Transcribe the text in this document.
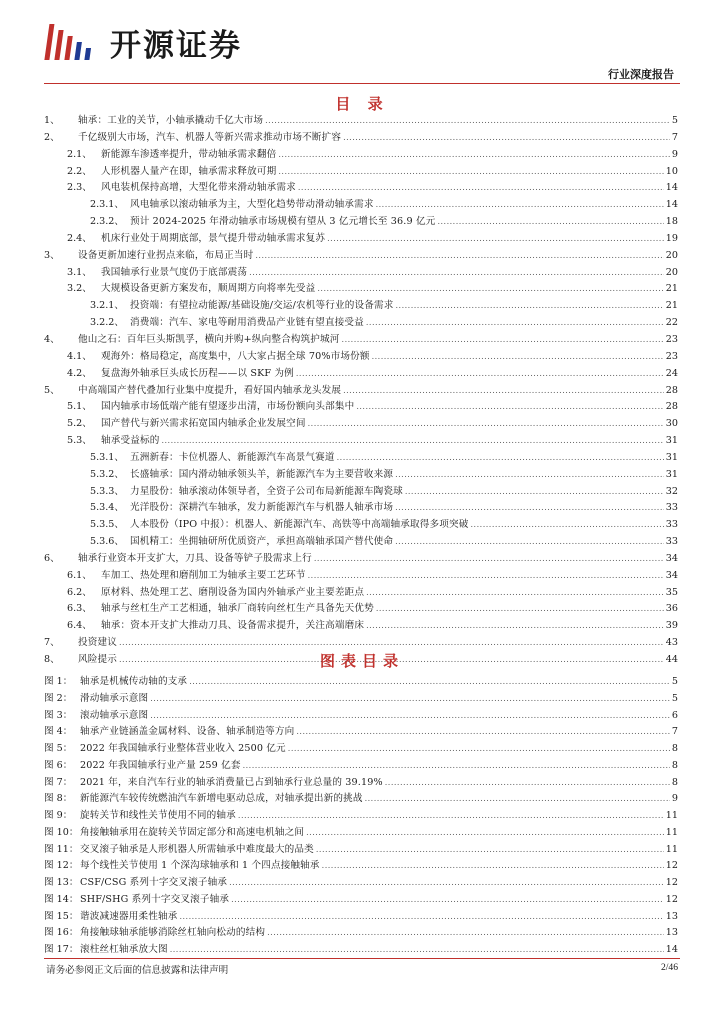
开源证券
行业深度报告
目 录
1、	轴承：工业的关节，小轴承撬动千亿大市场 .....	5
2、	千亿级别大市场，汽车、机器人等新兴需求推动市场不断扩容 .....	7
2.1、 新能源车渗透率提升，带动轴承需求翻倍 .....	9
2.2、 人形机器人量产在即，轴承需求释放可期 .....	10
2.3、 风电装机保持高增，大型化带来滑动轴承需求 .....	14
2.3.1、 风电轴承以滚动轴承为主，大型化趋势带动滑动轴承需求 .....	14
2.3.2、 预计 2024-2025 年滑动轴承市场规模有望从 3 亿元增长至 36.9 亿元 .....	18
2.4、 机床行业处于周期底部，景气提升带动轴承需求复苏 .....	19
3、	设备更新加速行业拐点来临，布局正当时 .....	20
3.1、 我国轴承行业景气度仍于底部震荡 .....	20
3.2、 大规模设备更新方案发布，顺周期方向将率先受益 .....	21
3.2.1、 投资端：有望拉动能源/基础设施/交运/农机等行业的设备需求 .....	21
3.2.2、 消费端：汽车、家电等耐用消费品产业链有望直接受益 .....	22
4、	他山之石：百年巨头斯凯孚，横向并购+纵向整合构筑护城河 .....	23
4.1、 观海外：格局稳定，高度集中，八大家占据全球 70%市场份额 .....	23
4.2、 复盘海外轴承巨头成长历程——以 SKF 为例 .....	24
5、	中高端国产替代叠加行业集中度提升，看好国内轴承龙头发展 .....	28
5.1、 国内轴承市场低端产能有望逐步出清，市场份额向头部集中 .....	28
5.2、 国产替代与新兴需求拓宽国内轴承企业发展空间 .....	30
5.3、 轴承受益标的 .....	31
5.3.1、 五洲新春：卡位机器人、新能源汽车高景气赛道 .....	31
5.3.2、 长盛轴承：国内滑动轴承领头羊，新能源汽车为主要营收来源 .....	31
5.3.3、 力星股份：轴承滚动体领导者，全资子公司布局新能源车陶瓷球 .....	32
5.3.4、 光洋股份：深耕汽车轴承，发力新能源汽车与机器人轴承市场 .....	33
5.3.5、 人本股份（IPO 中报）：机器人、新能源汽车、高铁等中高端轴承取得多项突破 .....	33
5.3.6、 国机精工：坐拥轴研所优质资产，承担高端轴承国产替代使命 .....	33
6、	轴承行业资本开支扩大，刀具、设备等铲子股需求上行 .....	34
6.1、 车加工、热处理和磨削加工为轴承主要工艺环节 .....	34
6.2、 原材料、热处理工艺、磨削设备为国内外轴承产业主要差距点 .....	35
6.3、 轴承与丝杠生产工艺相通，轴承厂商转向丝杠生产具备先天优势 .....	36
6.4、 轴承：资本开支扩大推动刀具、设备需求提升，关注高端磨床 .....	39
7、	投资建议 .....	43
8、	风险提示 .....	44
图表目录
图 1： 轴承是机械传动轴的支承 .....	5
图 2： 滑动轴承示意图 .....	5
图 3： 滚动轴承示意图 .....	6
图 4： 轴承产业链涵盖金属材料、设备、轴承制造等方向 .....	7
图 5： 2022 年我国轴承行业整体营业收入 2500 亿元 .....	8
图 6： 2022 年我国轴承行业产量 259 亿套 .....	8
图 7： 2021 年，来自汽车行业的轴承消费量已占到轴承行业总量的 39.19% .....	8
图 8： 新能源汽车较传统燃油汽车新增电驱动总成，对轴承提出新的挑战 .....	9
图 9： 旋转关节和线性关节使用不同的轴承 .....	11
图 10： 角接触轴承用在旋转关节固定部分和高速电机轴之间 .....	11
图 11： 交叉滚子轴承是人形机器人所需轴承中难度最大的品类 .....	11
图 12： 每个线性关节使用 1 个深沟球轴承和 1 个四点接触轴承 .....	12
图 13： CSF/CSG 系列十字交叉滚子轴承 .....	12
图 14： SHF/SHG 系列十字交叉滚子轴承 .....	12
图 15： 谐波减速器用柔性轴承 .....	13
图 16： 角接触球轴承能够消除丝杠轴向松动的结构 .....	13
图 17： 滚柱丝杠轴承放大图 .....	14
请务必参阅正文后面的信息披露和法律声明	2/46
